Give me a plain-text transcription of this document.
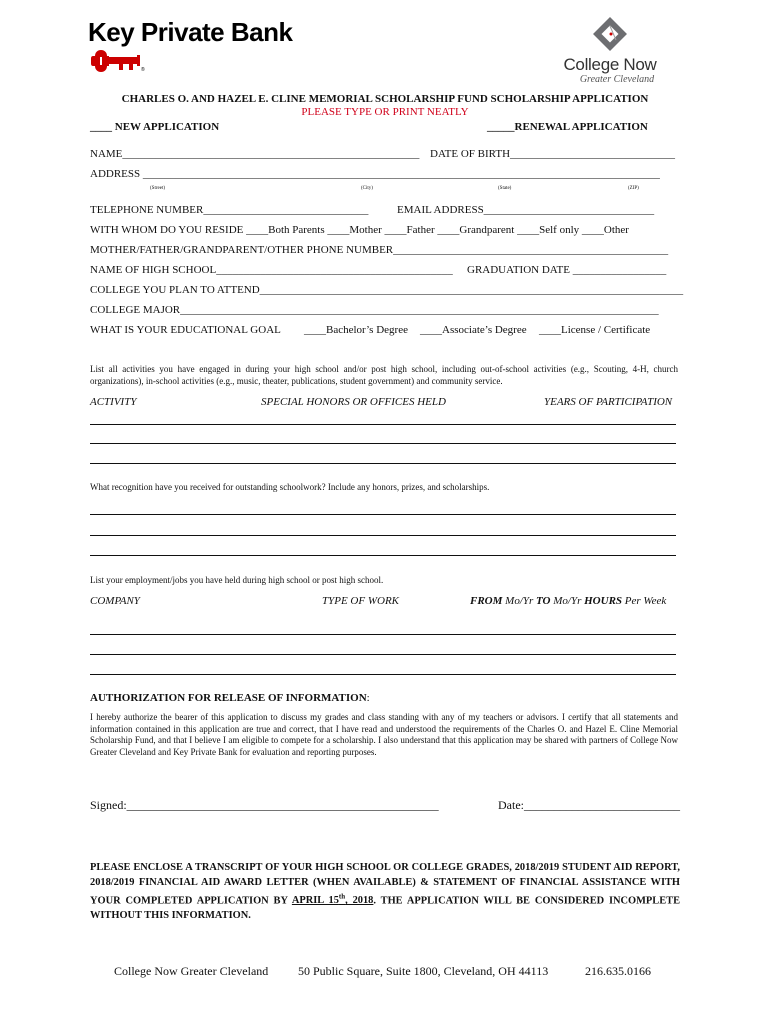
Key Private Bank
®	College Now
Greater Cleveland
CHARLES O. AND HAZEL E. CLINE MEMORIAL SCHOLARSHIP FUND SCHOLARSHIP APPLICATION
PLEASE TYPE OR PRINT NEATLY
____ NEW APPLICATION	_____RENEWAL APPLICATION
NAME______________________________________________________ DATE OF BIRTH______________________________
ADDRESS ______________________________________________________________________________________________
(Street)	(City)	(State)	(ZIP)
TELEPHONE NUMBER______________________________	EMAIL ADDRESS_______________________________
WITH WHOM DO YOU RESIDE ____Both Parents ____Mother ____Father ____Grandparent ____Self only ____Other
MOTHER/FATHER/GRANDPARENT/OTHER PHONE NUMBER__________________________________________________
NAME OF HIGH SCHOOL___________________________________________ GRADUATION DATE _________________
COLLEGE YOU PLAN TO ATTEND_____________________________________________________________________________
COLLEGE MAJOR_______________________________________________________________________________________
WHAT IS YOUR EDUCATIONAL GOAL ____Bachelor’s Degree ____Associate’s Degree ____License / Certificate
List all activities you have engaged in during your high school and/or post high school, including out-of-school activities (e.g., Scouting, 4-H, church organizations), in-school activities (e.g., music, theater, publications, student government) and community service.
ACTIVITY	SPECIAL HONORS OR OFFICES HELD	YEARS OF PARTICIPATION
What recognition have you received for outstanding schoolwork? Include any honors, prizes, and scholarships.
List your employment/jobs you have held during high school or post high school.
COMPANY	TYPE OF WORK	FROM Mo/Yr TO Mo/Yr HOURS Per Week
AUTHORIZATION FOR RELEASE OF INFORMATION:
I hereby authorize the bearer of this application to discuss my grades and class standing with any of my teachers or advisors. I certify that all statements and information contained in this application are true and correct, that I have read and understood the requirements of the Charles O. and Hazel E. Cline Memorial Scholarship Fund, and that I believe I am eligible to compete for a scholarship. I also understand that this application may be shared with partners of College Now Greater Cleveland and Key Private Bank for evaluation and reporting purposes.
Signed:____________________________________________________	Date:__________________________
PLEASE ENCLOSE A TRANSCRIPT OF YOUR HIGH SCHOOL OR COLLEGE GRADES, 2018/2019 STUDENT AID REPORT, 2018/2019 FINANCIAL AID AWARD LETTER (WHEN AVAILABLE) & STATEMENT OF FINANCIAL ASSISTANCE WITH YOUR COMPLETED APPLICATION BY APRIL 15th, 2018. THE APPLICATION WILL BE CONSIDERED INCOMPLETE WITHOUT THIS INFORMATION.
College Now Greater Cleveland 50 Public Square, Suite 1800, Cleveland, OH 44113	216.635.0166
